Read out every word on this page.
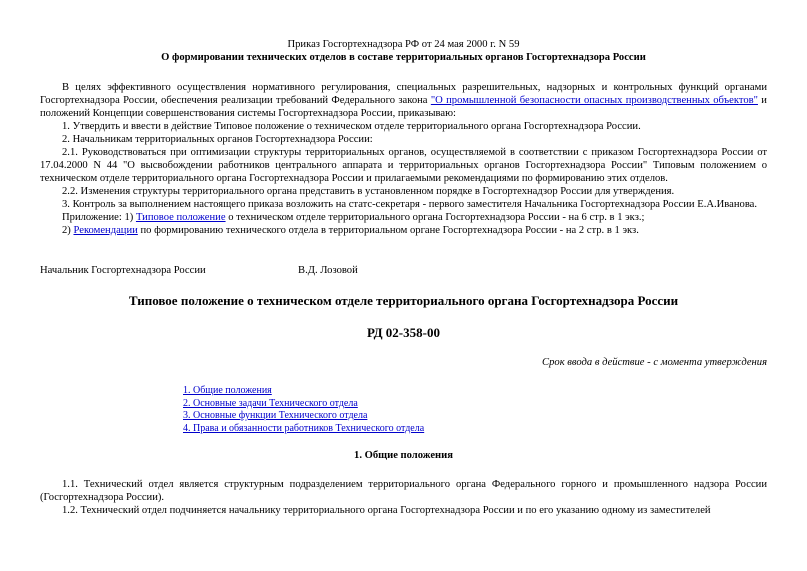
Приказ Госгортехнадзора РФ от 24 мая 2000 г. N 59

О формировании технических отделов в составе территориальных органов Госгортехнадзора России

В целях эффективного осуществления нормативного регулирования, специальных разрешительных, надзорных и контрольных функций органами Госгортехнадзора России, обеспечения реализации требований Федерального закона "О промышленной безопасности опасных производственных объектов" и положений Концепции совершенствования системы Госгортехнадзора России, приказываю:

1. Утвердить и ввести в действие Типовое положение о техническом отделе территориального органа Госгортехнадзора России.

2. Начальникам территориальных органов Госгортехнадзора России:

2.1. Руководствоваться при оптимизации структуры территориальных органов, осуществляемой в соответствии с приказом Госгортехнадзора России от 17.04.2000 N 44 "О высвобождении работников центрального аппарата и территориальных органов Госгортехнадзора России" Типовым положением о техническом отделе территориального органа Госгортехнадзора России и прилагаемыми рекомендациями по формированию этих отделов.

2.2. Изменения структуры территориального органа представить в установленном порядке в Госгортехнадзор России для утверждения.

3. Контроль за выполнением настоящего приказа возложить на статс-секретаря - первого заместителя Начальника Госгортехнадзора России Е.А.Иванова.

Приложение: 1) Типовое положение о техническом отделе территориального органа Госгортехнадзора России - на 6 стр. в 1 экз.;

2) Рекомендации по формированию технического отдела в территориальном органе Госгортехнадзора России - на 2 стр. в 1 экз.

Начальник Госгортехнадзора России	В.Д. Лозовой

Типовое положение о техническом отделе территориального органа Госгортехнадзора России

РД 02-358-00

Срок ввода в действие - с момента утверждения

1. Общие положения
2. Основные задачи Технического отдела
3. Основные функции Технического отдела
4. Права и обязанности работников Технического отдела

1. Общие положения

1.1. Технический отдел является структурным подразделением территориального органа Федерального горного и промышленного надзора России (Госгортехнадзора России).

1.2. Технический отдел подчиняется начальнику территориального органа Госгортехнадзора России и по его указанию одному из заместителей
